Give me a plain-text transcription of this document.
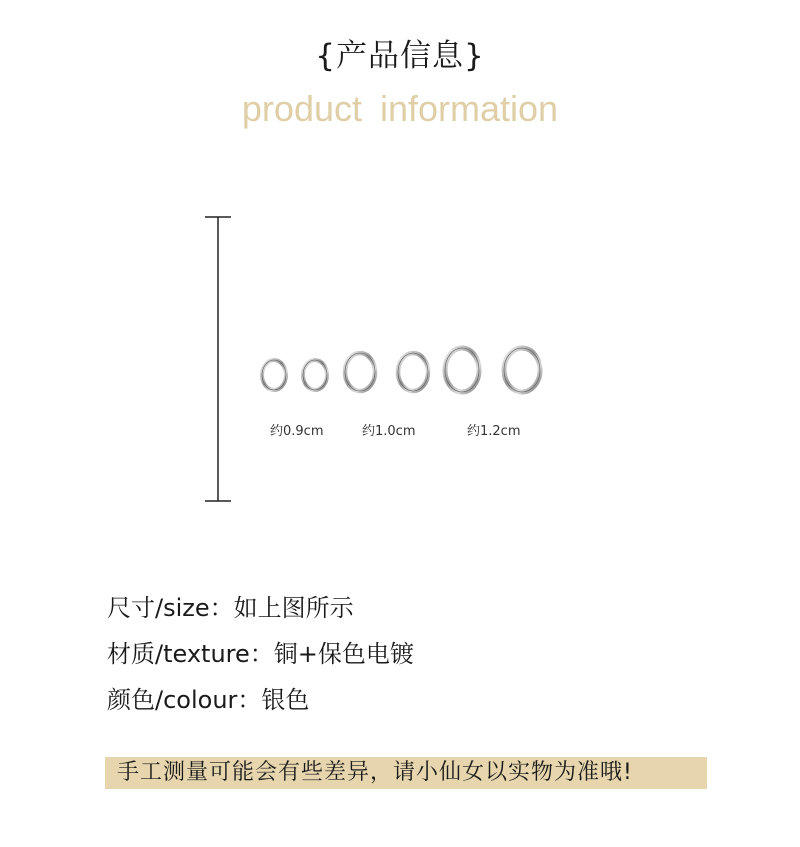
{产品信息}
product information
约0.9cm	约1.0cm	约1.2cm
尺寸/size：如上图所示
材质/texture：铜+保色电镀
颜色/colour：银色
手工测量可能会有些差异，请小仙女以实物为准哦!
